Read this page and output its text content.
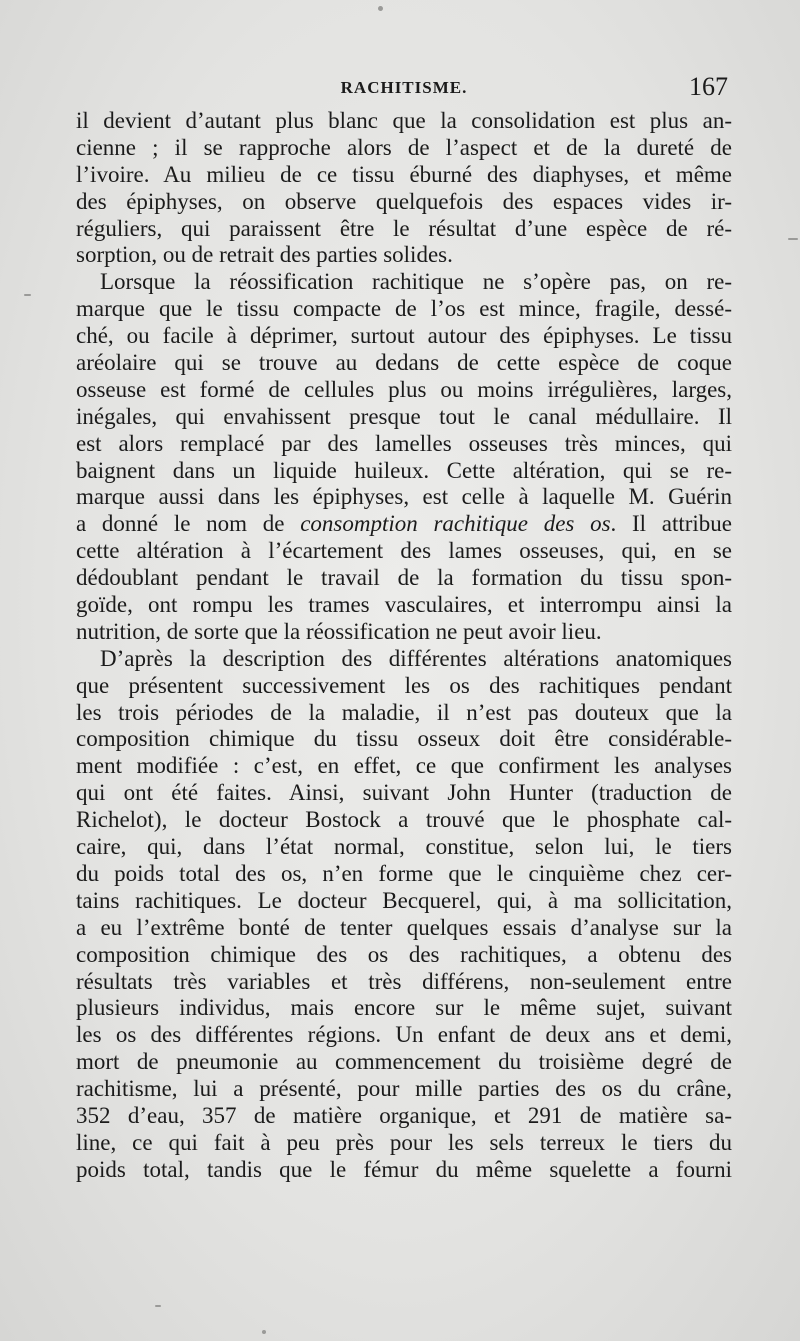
RACHITISME.	167
il devient d’autant plus blanc que la consolidation est plus an-
cienne ; il se rapproche alors de l’aspect et de la dureté de
l’ivoire. Au milieu de ce tissu éburné des diaphyses, et même
des épiphyses, on observe quelquefois des espaces vides ir-
réguliers, qui paraissent être le résultat d’une espèce de ré-
sorption, ou de retrait des parties solides.
Lorsque la réossification rachitique ne s’opère pas, on re-
marque que le tissu compacte de l’os est mince, fragile, dessé-
ché, ou facile à déprimer, surtout autour des épiphyses. Le tissu
aréolaire qui se trouve au dedans de cette espèce de coque
osseuse est formé de cellules plus ou moins irrégulières, larges,
inégales, qui envahissent presque tout le canal médullaire. Il
est alors remplacé par des lamelles osseuses très minces, qui
baignent dans un liquide huileux. Cette altération, qui se re-
marque aussi dans les épiphyses, est celle à laquelle M. Guérin
a donné le nom de consomption rachitique des os. Il attribue
cette altération à l’écartement des lames osseuses, qui, en se
dédoublant pendant le travail de la formation du tissu spon-
goïde, ont rompu les trames vasculaires, et interrompu ainsi la
nutrition, de sorte que la réossification ne peut avoir lieu.
D’après la description des différentes altérations anatomiques
que présentent successivement les os des rachitiques pendant
les trois périodes de la maladie, il n’est pas douteux que la
composition chimique du tissu osseux doit être considérable-
ment modifiée : c’est, en effet, ce que confirment les analyses
qui ont été faites. Ainsi, suivant John Hunter (traduction de
Richelot), le docteur Bostock a trouvé que le phosphate cal-
caire, qui, dans l’état normal, constitue, selon lui, le tiers
du poids total des os, n’en forme que le cinquième chez cer-
tains rachitiques. Le docteur Becquerel, qui, à ma sollicitation,
a eu l’extrême bonté de tenter quelques essais d’analyse sur la
composition chimique des os des rachitiques, a obtenu des
résultats très variables et très différens, non-seulement entre
plusieurs individus, mais encore sur le même sujet, suivant
les os des différentes régions. Un enfant de deux ans et demi,
mort de pneumonie au commencement du troisième degré de
rachitisme, lui a présenté, pour mille parties des os du crâne,
352 d’eau, 357 de matière organique, et 291 de matière sa-
line, ce qui fait à peu près pour les sels terreux le tiers du
poids total, tandis que le fémur du même squelette a fourni
